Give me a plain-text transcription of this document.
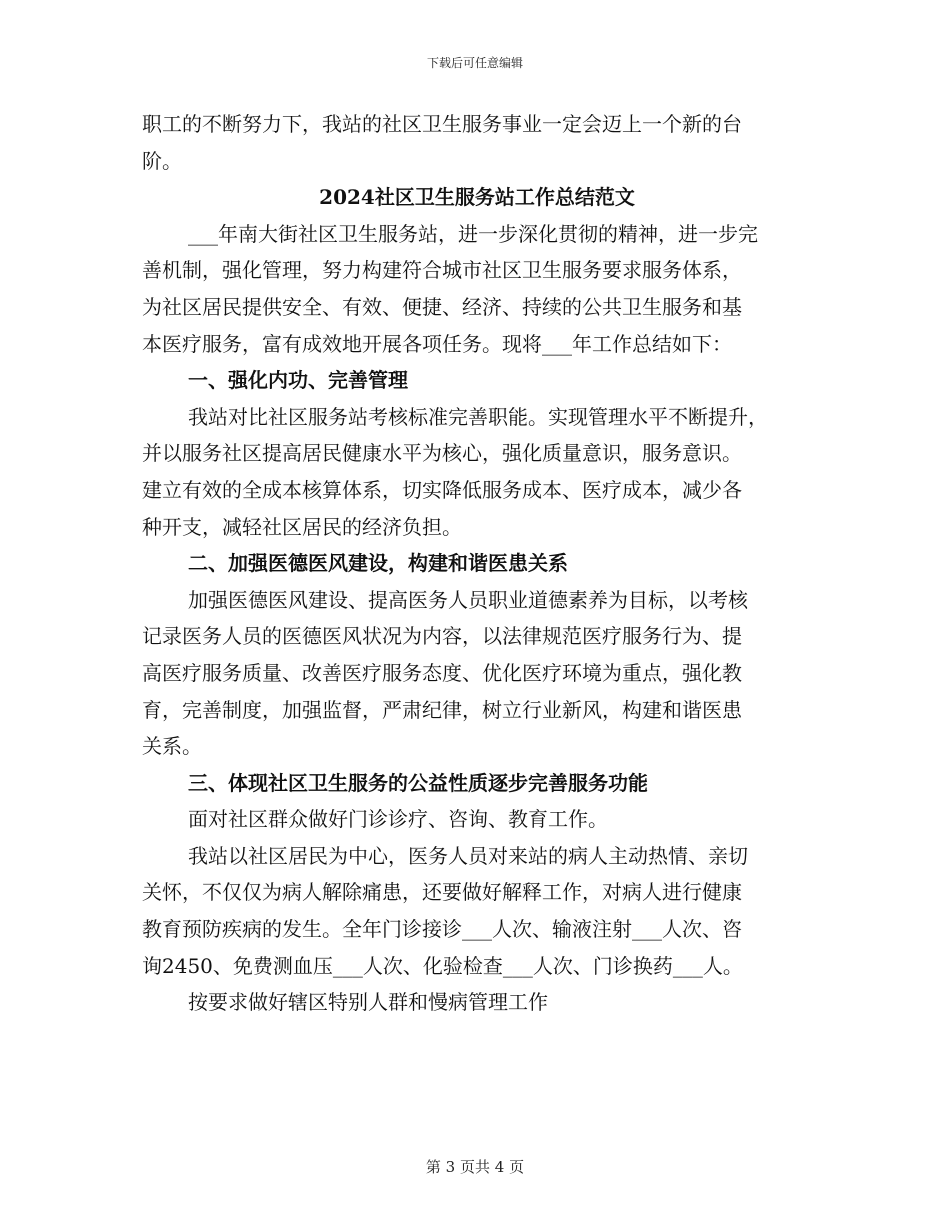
下载后可任意编辑
职工的不断努力下，我站的社区卫生服务事业一定会迈上一个新的台
阶。
2024社区卫生服务站工作总结范文
___年南大街社区卫生服务站，进一步深化贯彻的精神，进一步完
善机制，强化管理，努力构建符合城市社区卫生服务要求服务体系，
为社区居民提供安全、有效、便捷、经济、持续的公共卫生服务和基
本医疗服务，富有成效地开展各项任务。现将___年工作总结如下：
一、强化内功、完善管理
我站对比社区服务站考核标准完善职能。实现管理水平不断提升，
并以服务社区提高居民健康水平为核心，强化质量意识，服务意识。
建立有效的全成本核算体系，切实降低服务成本、医疗成本，减少各
种开支，减轻社区居民的经济负担。
二、加强医德医风建设，构建和谐医患关系
加强医德医风建设、提高医务人员职业道德素养为目标，以考核
记录医务人员的医德医风状况为内容，以法律规范医疗服务行为、提
高医疗服务质量、改善医疗服务态度、优化医疗环境为重点，强化教
育，完善制度，加强监督，严肃纪律，树立行业新风，构建和谐医患
关系。
三、体现社区卫生服务的公益性质逐步完善服务功能
面对社区群众做好门诊诊疗、咨询、教育工作。
我站以社区居民为中心，医务人员对来站的病人主动热情、亲切
关怀，不仅仅为病人解除痛患，还要做好解释工作，对病人进行健康
教育预防疾病的发生。全年门诊接诊___人次、输液注射___人次、咨
询2450、免费测血压___人次、化验检查___人次、门诊换药___人。
按要求做好辖区特别人群和慢病管理工作
第 3 页共 4 页
